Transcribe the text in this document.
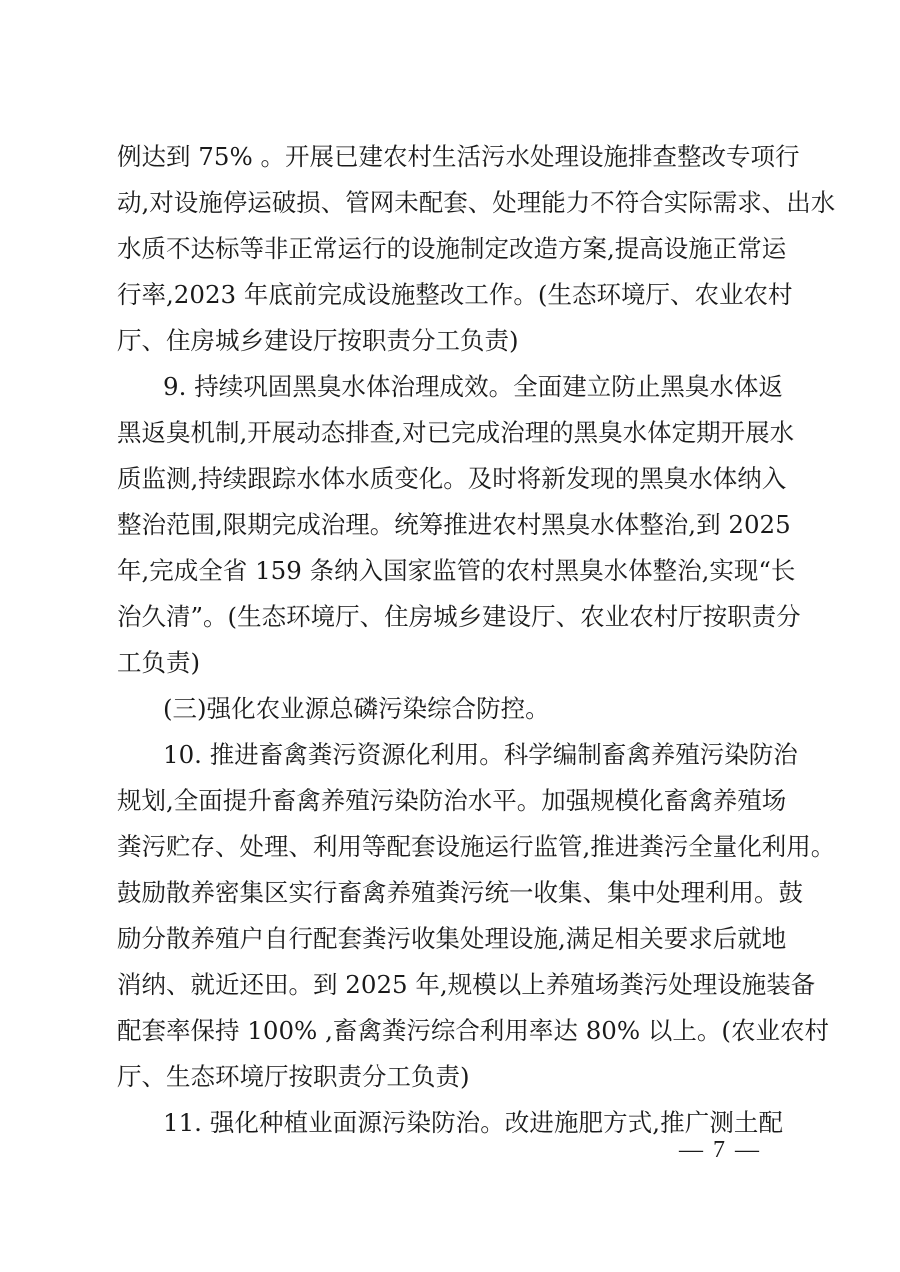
例达到 75% 。开展已建农村生活污水处理设施排查整改专项行
动,对设施停运破损、管网未配套、处理能力不符合实际需求、出水
水质不达标等非正常运行的设施制定改造方案,提高设施正常运
行率,2023 年底前完成设施整改工作。(生态环境厅、农业农村
厅、住房城乡建设厅按职责分工负责)
9. 持续巩固黑臭水体治理成效。全面建立防止黑臭水体返
黑返臭机制,开展动态排查,对已完成治理的黑臭水体定期开展水
质监测,持续跟踪水体水质变化。及时将新发现的黑臭水体纳入
整治范围,限期完成治理。统筹推进农村黑臭水体整治,到 2025
年,完成全省 159 条纳入国家监管的农村黑臭水体整治,实现“长
治久清”。(生态环境厅、住房城乡建设厅、农业农村厅按职责分
工负责)
(三)强化农业源总磷污染综合防控。
10. 推进畜禽粪污资源化利用。科学编制畜禽养殖污染防治
规划,全面提升畜禽养殖污染防治水平。加强规模化畜禽养殖场
粪污贮存、处理、利用等配套设施运行监管,推进粪污全量化利用。
鼓励散养密集区实行畜禽养殖粪污统一收集、集中处理利用。鼓
励分散养殖户自行配套粪污收集处理设施,满足相关要求后就地
消纳、就近还田。到 2025 年,规模以上养殖场粪污处理设施装备
配套率保持 100% ,畜禽粪污综合利用率达 80% 以上。(农业农村
厅、生态环境厅按职责分工负责)
11. 强化种植业面源污染防治。改进施肥方式,推广测土配
— 7 —
